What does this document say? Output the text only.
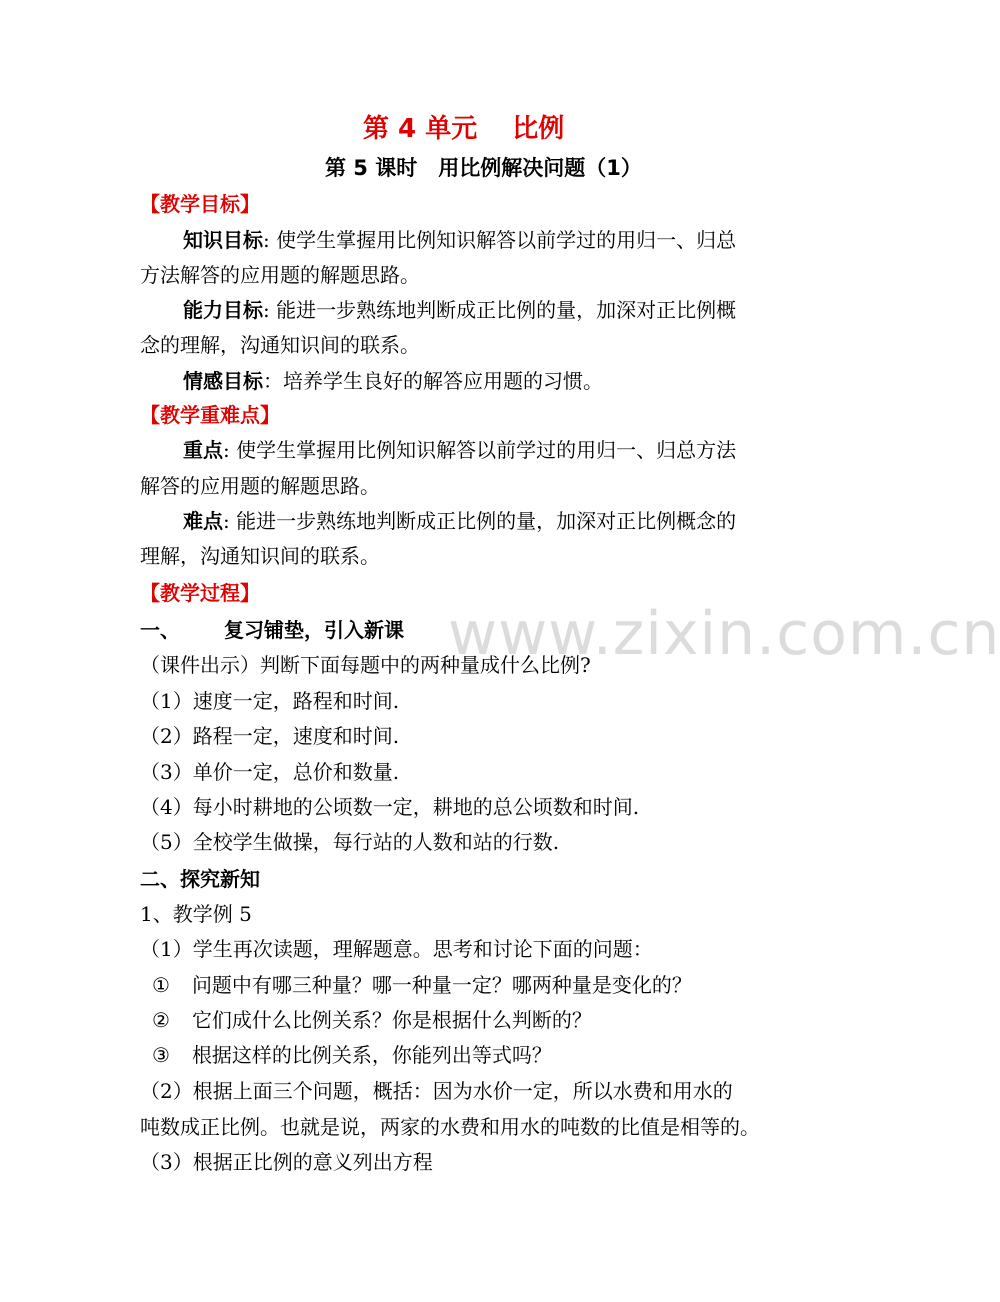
第 4 单元　 比例
第 5 课时　用比例解决问题（1）
【教学目标】
知识目标: 使学生掌握用比例知识解答以前学过的用归一、归总
方法解答的应用题的解题思路。
能力目标: 能进一步熟练地判断成正比例的量，加深对正比例概
念的理解，沟通知识间的联系。
情感目标：培养学生良好的解答应用题的习惯。
【教学重难点】
重点: 使学生掌握用比例知识解答以前学过的用归一、归总方法
解答的应用题的解题思路。
难点: 能进一步熟练地判断成正比例的量，加深对正比例概念的
理解，沟通知识间的联系。
【教学过程】
www.zixin.com.cn
一、 复习铺垫，引入新课
（课件出示）判断下面每题中的两种量成什么比例?
（1）速度一定，路程和时间.
（2）路程一定，速度和时间.
（3）单价一定，总价和数量.
（4）每小时耕地的公顷数一定，耕地的总公顷数和时间.
（5）全校学生做操，每行站的人数和站的行数.
二、探究新知
1、教学例 5
（1）学生再次读题，理解题意。思考和讨论下面的问题：
① 问题中有哪三种量？哪一种量一定？哪两种量是变化的？
② 它们成什么比例关系？你是根据什么判断的？
③ 根据这样的比例关系，你能列出等式吗？
（2）根据上面三个问题，概括：因为水价一定，所以水费和用水的
吨数成正比例。也就是说，两家的水费和用水的吨数的比值是相等的。
（3）根据正比例的意义列出方程
